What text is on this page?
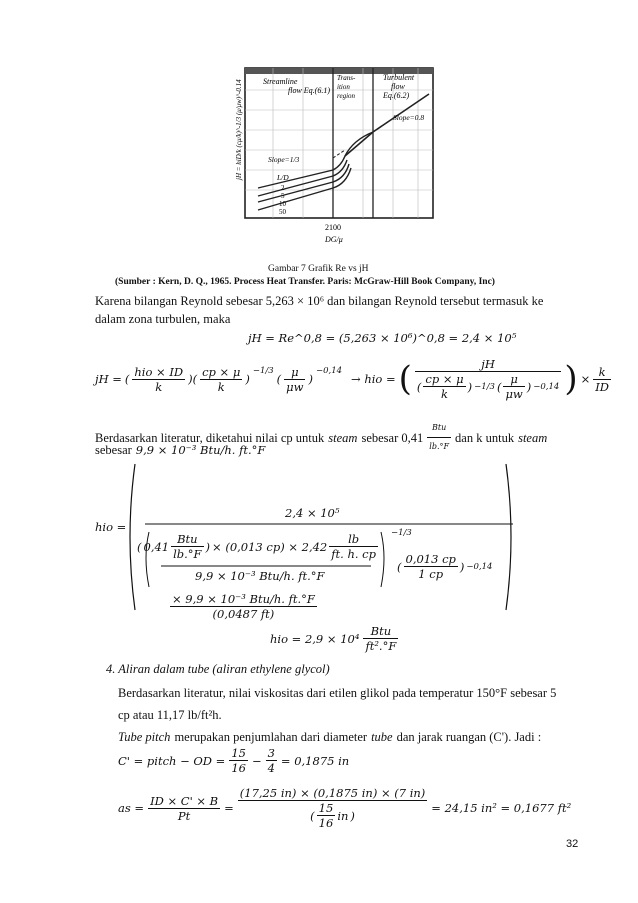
Streamline
flow Eq.(6.1)
Trans-
ition
region
Turbulent
flow
Eq.(6.2)
Slope=0.8
Slope=1/3
L/D
2
5
10
50
2100
DG/μ
jH = hiD/k (cμ/k)^-1/3 (μ/μw)^-0.14
Gambar 7 Grafik Re vs jH
(Sumber : Kern, D. Q., 1965. Process Heat Transfer. Paris: McGraw-Hill Book Company, Inc)
Karena bilangan Reynold sebesar 5,263 × 10⁶ dan bilangan Reynold tersebut termasuk ke
dalam zona turbulen, maka
jH = Re^0,8 = (5,263 × 10⁶)^0,8 = 2,4 × 10⁵
jH = ( $\frac{\text{hio × ID}}{k}$ )( $\frac{cp \times \mu}{k}$ )
$^{-1/3}$
( $\frac{\mu}{\mu w}$ )
$^{-0,14}$
→ hio = ( $\frac{jH}{( \frac{cp \times \mu}{k} ) -1/3 ( \frac{\mu}{\mu w} ) -0,14}$ ) × $\frac{k}{ID}$
Berdasarkan literatur, diketahui nilai cp untuk steam sebesar $0,41 \frac{\text{Btu}}{lb.^\circ F}$ dan k untuk steam
sebesar 9,9 × 10⁻³ Btu/h. ft.°F
hio =
2,4 × 10⁵
( $0,41 \frac{\text{Btu}}{lb.^\circ F}$ ) × (0,013 $cp) \times 2,42 \frac{lb}{ft. h. cp}$
9,9 × 10⁻³ Btu/h. ft.°F
−1/3
( $\frac{0,013 cp}{1 cp}$ ) −0,14
× 9,9 × 10⁻³ Btu/h. ft.°F
(0,0487 ft)
hio = $2,9 \times 10^4 \frac{\text{Btu}}{\text{ft².°F}}$
4. Aliran dalam tube (aliran ethylene glycol)
Berdasarkan literatur, nilai viskositas dari etilen glikol pada temperatur 150°F sebesar 5
cp atau 11,17 lb/ft²h.
Tube pitch merupakan penjumlahan dari diameter tube dan jarak ruangan (C'). Jadi :
C' = pitch − OD = $\frac{15}{16} - \frac{3}{4} = 0,1875$ in
as = $\frac{ID \times C' \times B}{Pt} = \frac{(17,25 in) \times (0,1875 in) \times (7 in)}{( \frac{15}{16} in )} = 24,15$ in² = 0,1677 ft²
32
